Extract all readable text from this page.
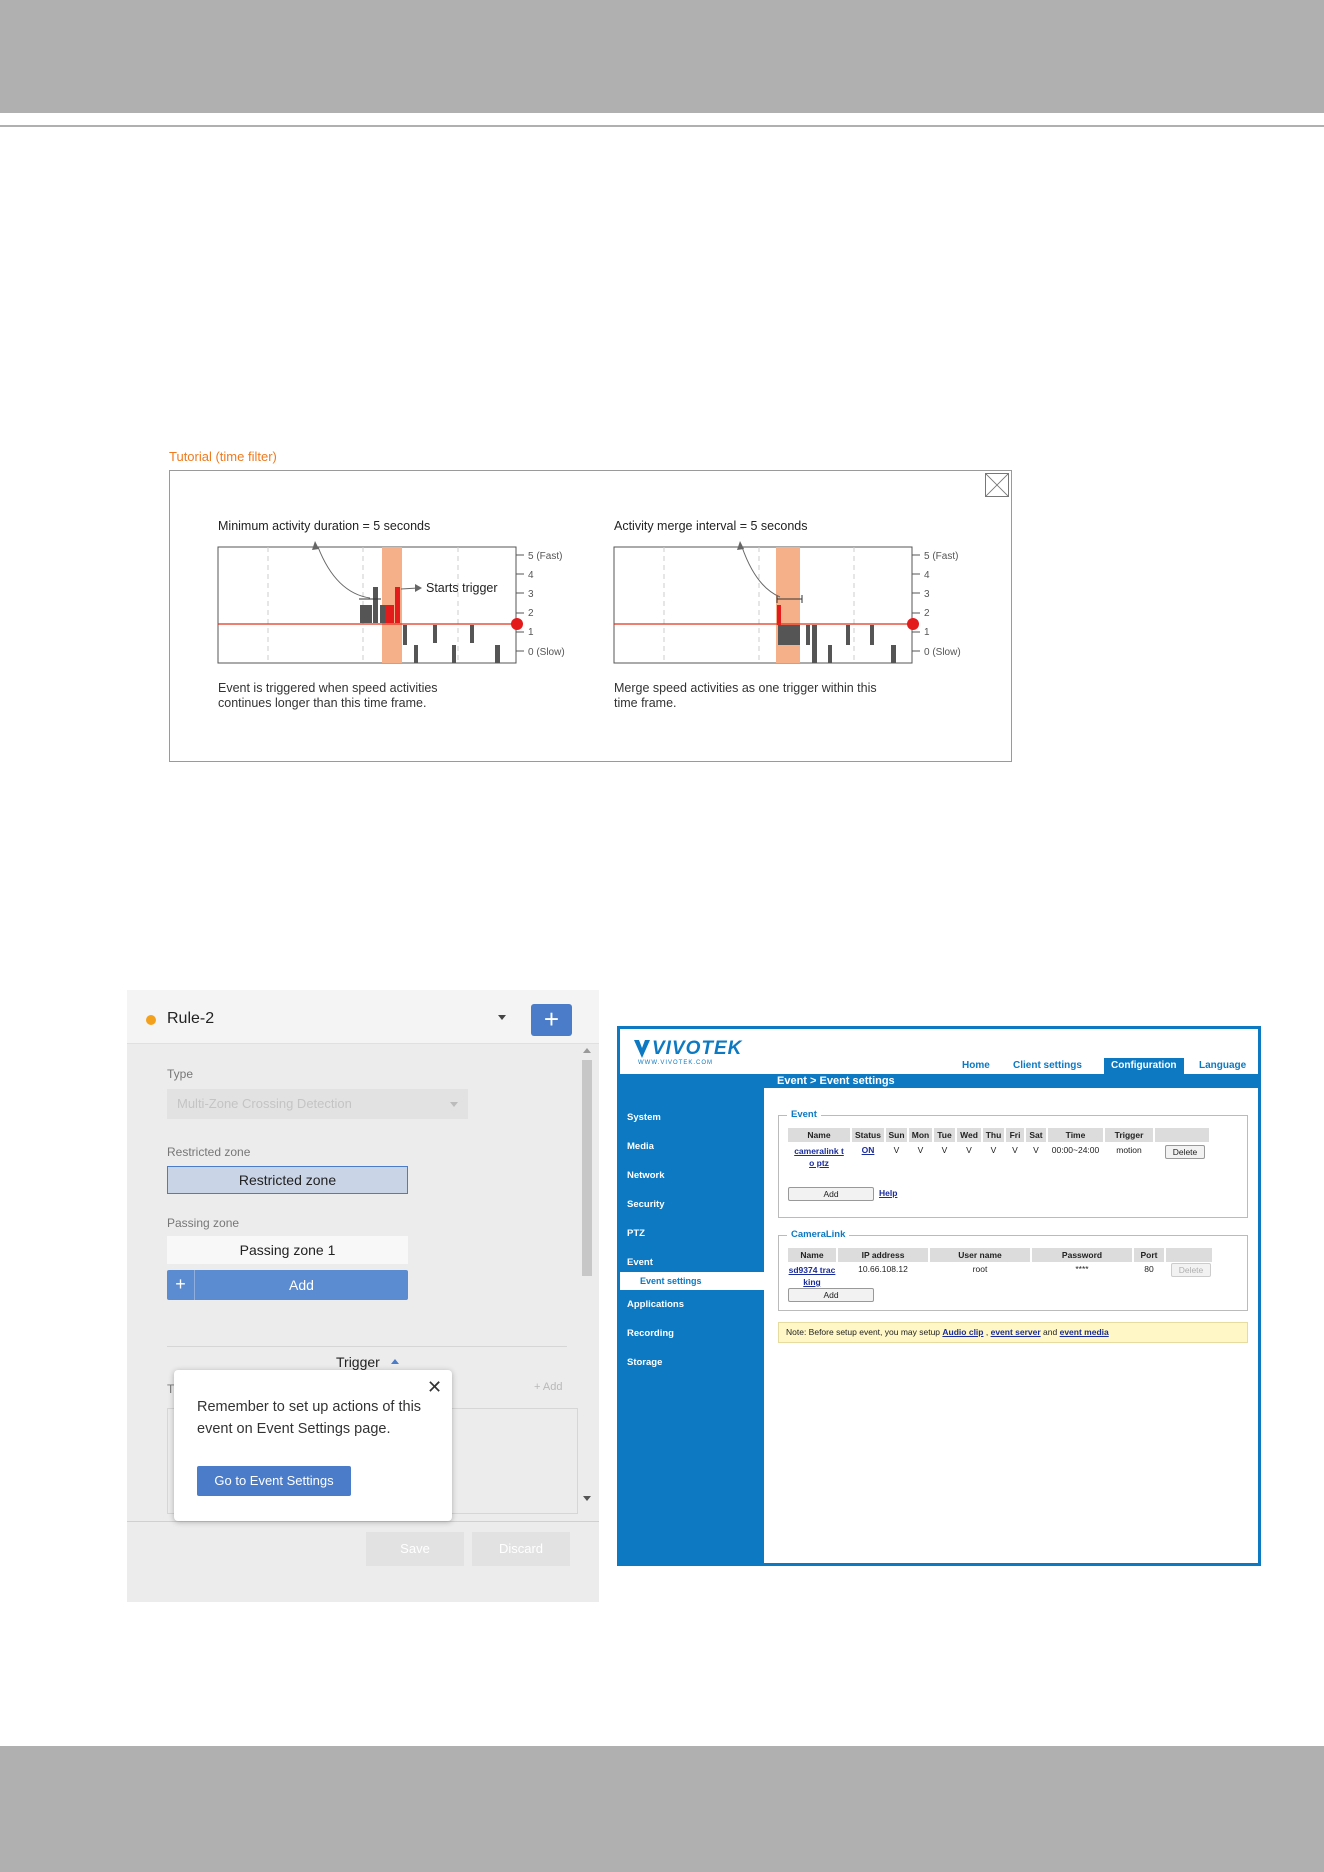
Tutorial (time filter)
Minimum activity duration = 5 seconds	Activity merge interval = 5 seconds
Starts trigger
5 (Fast)
4
3
2
1
0 (Slow)
5 (Fast)
4
3
2
1
0 (Slow)
Event is triggered when speed activities
continues longer than this time frame.
Merge speed activities as one trigger within this
time frame.
Rule-2	+
Type
Multi-Zone Crossing Detection
Restricted zone
Restricted zone
Passing zone
Passing zone 1
+	Add
Trigger
T	+ Add
Save	Discard
✕
Remember to set up actions of this event on Event Settings page.
Go to Event Settings
VIVOTEK
WWW.VIVOTEK.COM	Home	Client settings	Configuration	Language
System
Media
Network
Security
PTZ
Event
Event settings
Applications
Recording
Storage
Version: 1.2003.33.01g
Event > Event settings
Event
Name	Status Sun Mon Tue Wed Thu Fri	Sat	Time	Trigger
cameralink t
o ptz
ON	V	V	V	V	V	V	V	00:00~24:00	motion	Delete
Add	Help
CameraLink
Name	IP address	User name	Password	Port
sd9374 trac
king
10.66.108.12	root	****	80	Delete
Add
Note: Before setup event, you may setup Audio clip , event server and event media
